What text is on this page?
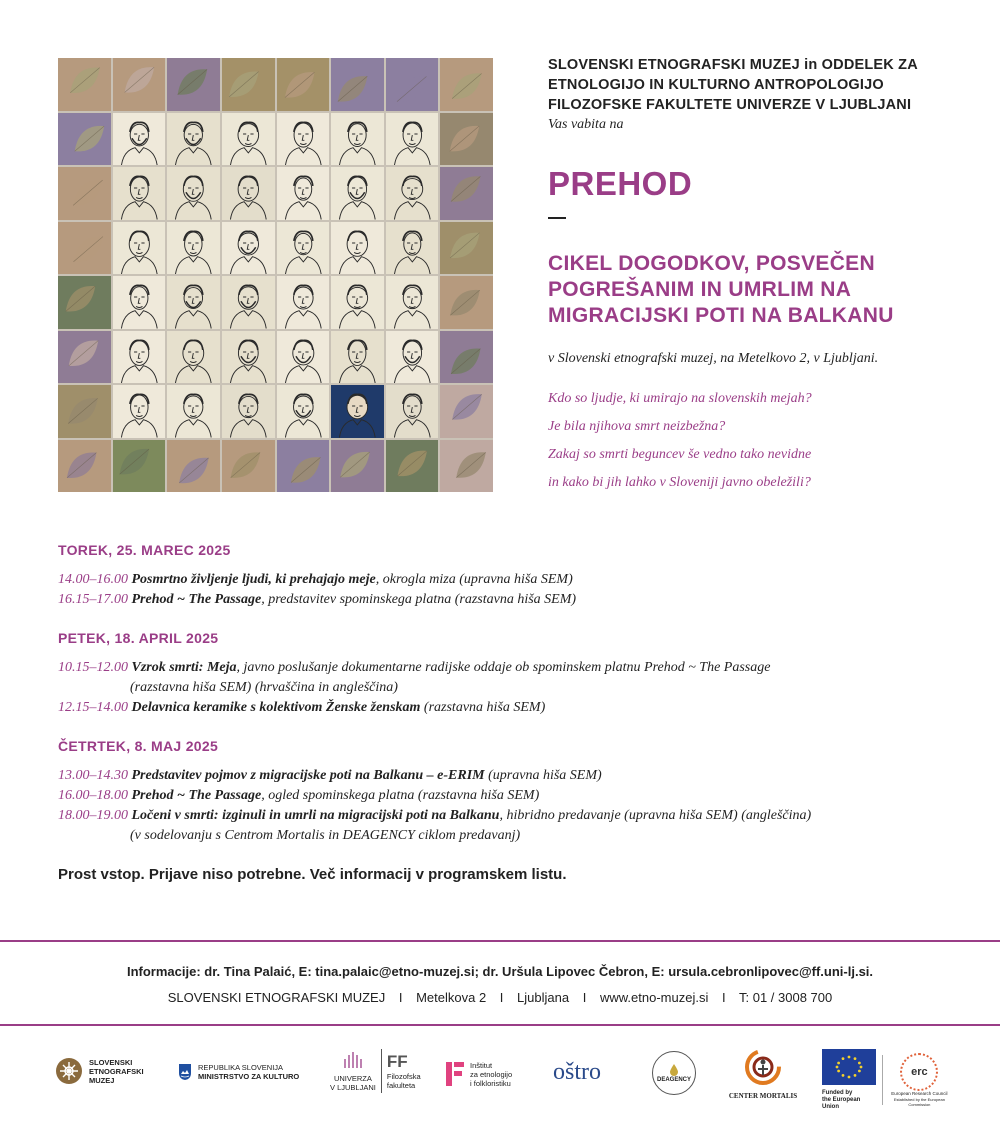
SLOVENSKI ETNOGRAFSKI MUZEJ in ODDELEK ZA
ETNOLOGIJO IN KULTURNO ANTROPOLOGIJO
FILOZOFSKE FAKULTETE UNIVERZE V LJUBLJANI
Vas vabita na
PREHOD
CIKEL DOGODKOV, POSVEČEN
POGREŠANIM IN UMRLIM NA
MIGRACIJSKI POTI NA BALKANU
v Slovenski etnografski muzej, na Metelkovo 2, v Ljubljani.
Kdo so ljudje, ki umirajo na slovenskih mejah?
Je bila njihova smrt neizbežna?
Zakaj so smrti beguncev še vedno tako nevidne
in kako bi jih lahko v Sloveniji javno obeležili?
TOREK, 25. MAREC 2025
14.00–16.00 Posmrtno življenje ljudi, ki prehajajo meje, okrogla miza (upravna hiša SEM)
16.15–17.00 Prehod ~ The Passage, predstavitev spominskega platna (razstavna hiša SEM)
PETEK, 18. APRIL 2025
10.15–12.00 Vzrok smrti: Meja, javno poslušanje dokumentarne radijske oddaje ob spominskem platnu Prehod ~ The Passage
(razstavna hiša SEM) (hrvaščina in angleščina)
12.15–14.00 Delavnica keramike s kolektivom Ženske ženskam (razstavna hiša SEM)
ČETRTEK, 8. MAJ 2025
13.00–14.30 Predstavitev pojmov z migracijske poti na Balkanu – e-ERIM (upravna hiša SEM)
16.00–18.00 Prehod ~ The Passage, ogled spominskega platna (razstavna hiša SEM)
18.00–19.00 Ločeni v smrti: izginuli in umrli na migracijski poti na Balkanu, hibridno predavanje (upravna hiša SEM) (angleščina)
(v sodelovanju s Centrom Mortalis in DEAGENCY ciklom predavanj)
Prost vstop. Prijave niso potrebne. Več informacij v programskem listu.
Informacije: dr. Tina Palaić, E: tina.palaic@etno-muzej.si; dr. Uršula Lipovec Čebron, E: ursula.cebronlipovec@ff.uni-lj.si.
SLOVENSKI ETNOGRAFSKI MUZEJ I Metelkova 2 I Ljubljana I www.etno-muzej.si I T: 01 / 3008 700
SLOVENSKI
ETNOGRAFSKI
MUZEJ
REPUBLIKA SLOVENIJA
MINISTRSTVO ZA KULTURO	UNIVERZA
V LJUBLJANI
FF
Filozofska
fakulteta
Inštitut
za etnologijo
i folkloristiku oštro	DEAGENCY
CENTER MORTALIS	Funded by
the European Union
erc
European Research Council
Established by the European Commission
